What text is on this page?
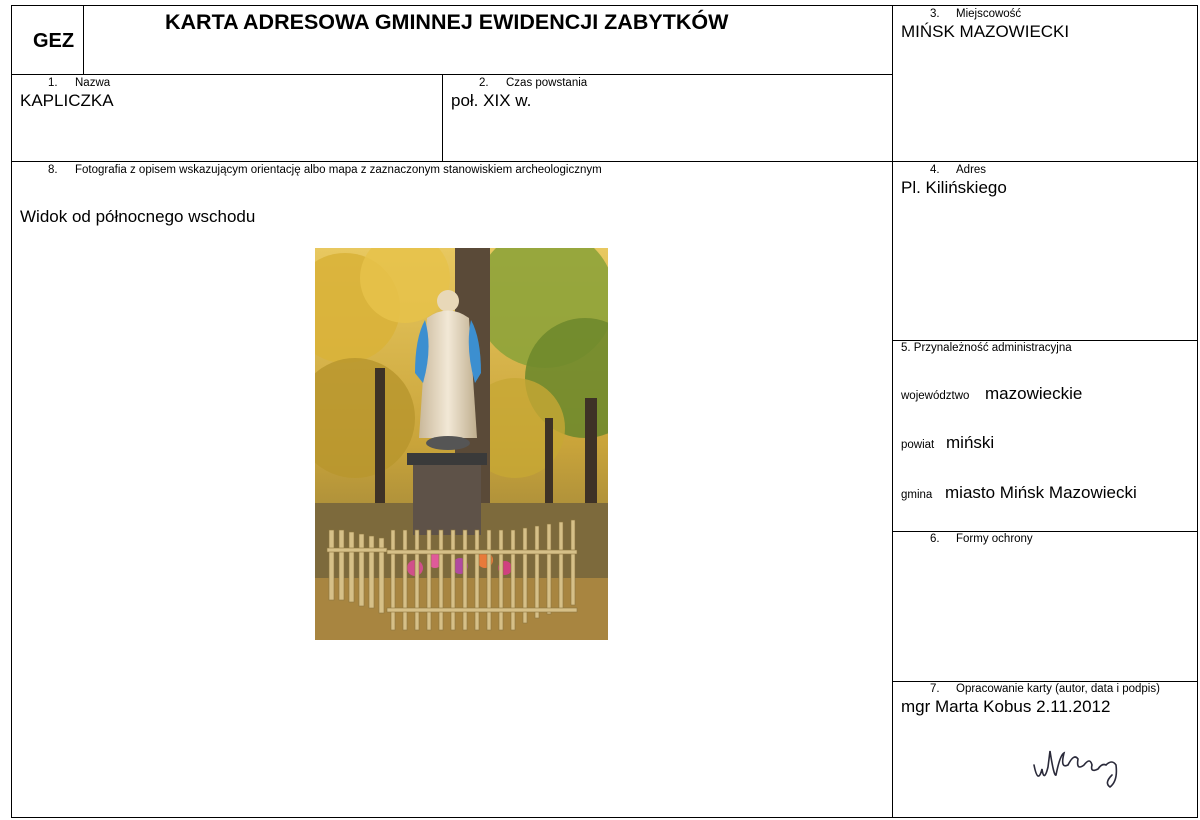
GEZ
KARTA ADRESOWA GMINNEJ EWIDENCJI ZABYTKÓW	3. Miejscowość
MIŃSK MAZOWIECKI
1. Nazwa
KAPLICZKA
2. Czas powstania
poł. XIX w.
8. Fotografia z opisem wskazującym orientację albo mapa z zaznaczonym stanowiskiem archeologicznym
Widok od północnego wschodu
4. Adres
Pl. Kilińskiego
5. Przynależność administracyjna
województwo mazowieckie
powiat miński
gmina miasto Mińsk Mazowiecki
6. Formy ochrony
7. Opracowanie karty (autor, data i podpis)
mgr Marta Kobus 2.11.2012
